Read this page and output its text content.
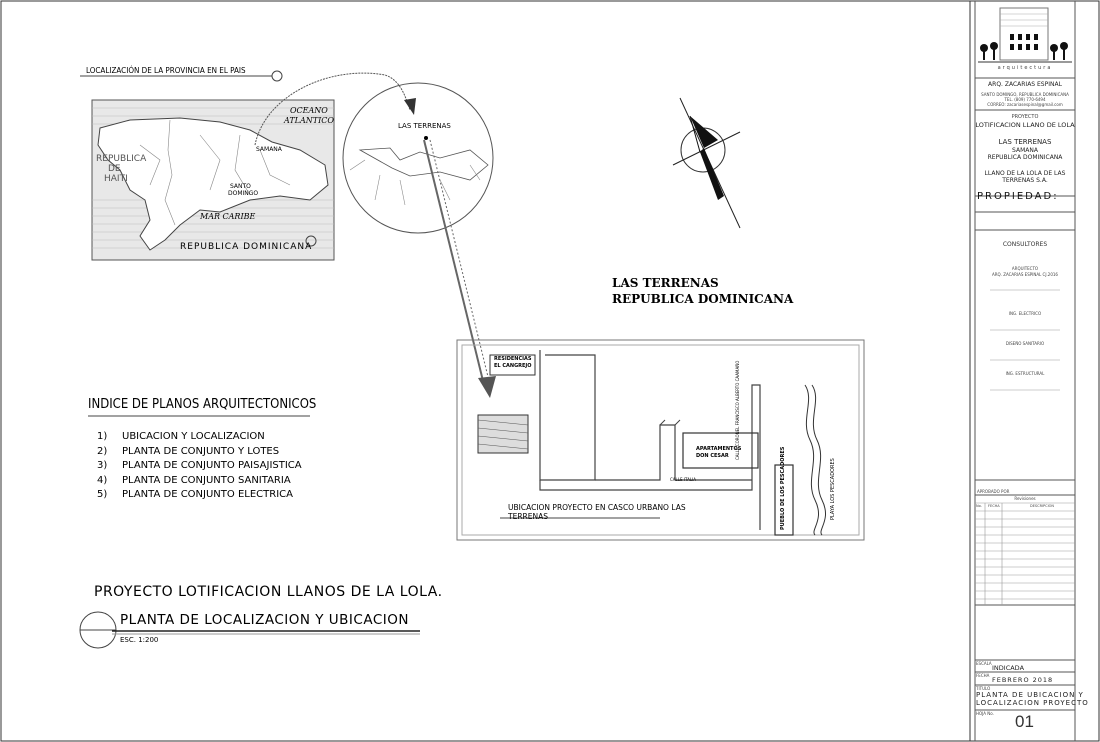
LOCALIZACIÓN DE LA PROVINCIA EN EL PAIS
OCEANO
ATLANTICO
REPUBLICA
DE
HAITI
SAMANA
SANTO
DOMINGO
MAR CARIBE
REPUBLICA DOMINICANA
LAS TERRENAS
LAS TERRENAS
REPUBLICA DOMINICANA
INDICE DE PLANOS ARQUITECTONICOS
1) UBICACION Y LOCALIZACION
2) PLANTA DE CONJUNTO Y LOTES
3) PLANTA DE CONJUNTO PAISAJISTICA
4) PLANTA DE CONJUNTO SANITARIA
5) PLANTA DE CONJUNTO ELECTRICA
RESIDENCIAS
EL CANGREJO
APARTAMENTOS
DON CESAR
CALLE ITALIA
CALLE CORONEL FRANCISCO ALBERTO CAAMAÑO
PUEBLO DE LOS PESCADORES	PLAYA LOS PESCADORES
UBICACION PROYECTO EN CASCO URBANO LAS
TERRENAS
PROYECTO LOTIFICACION LLANOS DE LA LOLA.
PLANTA DE LOCALIZACION Y UBICACION
ESC. 1:200
arquitectura
ARQ. ZACARIAS ESPINAL
SANTO DOMINGO, REPUBLICA DOMINICANA
TEL. (809) 770-6494
CORREO: zacariasespinal@gmail.com
PROYECTO
LOTIFICACION LLANO DE LOLA
LAS TERRENAS
SAMANA
REPUBLICA DOMINICANA
LLANO DE LA LOLA DE LAS
TERRENAS S.A.
PROPIEDAD:
CONSULTORES
ARQUITECTO
ARQ. ZACARIAS ESPINAL CJ.2016
ING. ELECTRICO
DISEÑO SANITARIO
ING. ESTRUCTURAL
APROBADO POR
Revisiones
No. FECHA	DESCRIPCION
ESCALA
INDICADA
FECHA
FEBRERO 2018
TITULO
PLANTA DE UBICACION Y
LOCALIZACION PROYECTO
HOJA No. 01
